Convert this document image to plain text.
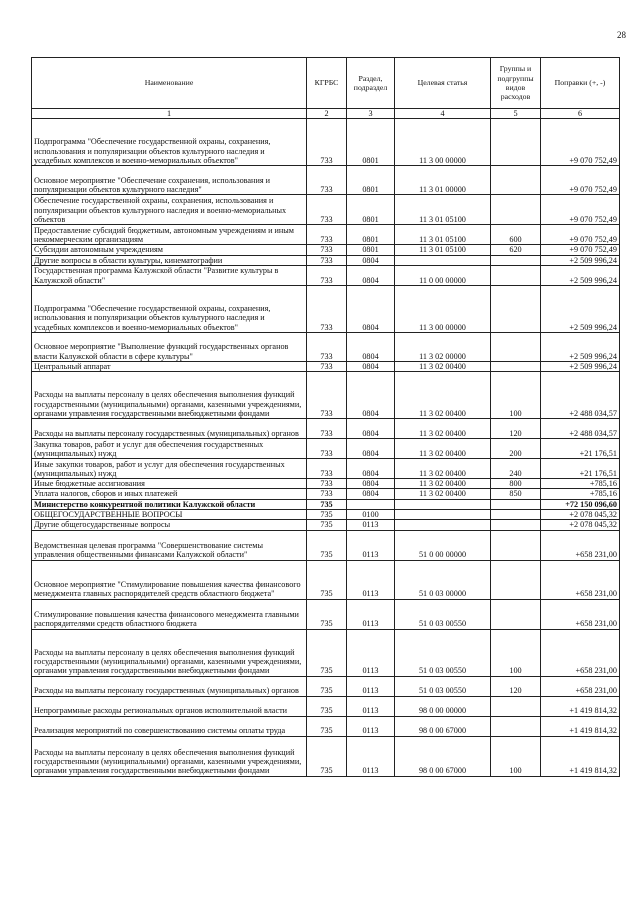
28
Наименование	КГРБС	Раздел, подраздел	Целевая статья	Группы и подгруппы видов расходов	Поправки (+, -)
1	2	3	4	5	6
Подпрограмма "Обеспечение государственной охраны, сохранения, использования и популяризации объектов культурного наследия и усадебных комплексов и военно-мемориальных объектов"	733	0801	11 3 00 00000		+9 070 752,49
Основное мероприятие "Обеспечение сохранения, использования и популяризации объектов культурного наследия"	733	0801	11 3 01 00000		+9 070 752,49
Обеспечение государственной охраны, сохранения, использования и популяризации объектов культурного наследия и военно-мемориальных объектов	733	0801	11 3 01 05100		+9 070 752,49
Предоставление субсидий бюджетным, автономным учреждениям и иным некоммерческим организациям	733	0801	11 3 01 05100	600	+9 070 752,49
Субсидии автономным учреждениям	733	0801	11 3 01 05100	620	+9 070 752,49
Другие вопросы в области культуры, кинематографии	733	0804			+2 509 996,24
Государственная программа Калужской области "Развитие культуры в Калужской области"	733	0804	11 0 00 00000		+2 509 996,24
Подпрограмма "Обеспечение государственной охраны, сохранения, использования и популяризации объектов культурного наследия и усадебных комплексов и военно-мемориальных объектов"	733	0804	11 3 00 00000		+2 509 996,24
Основное мероприятие "Выполнение функций государственных органов власти Калужской области в сфере культуры"	733	0804	11 3 02 00000		+2 509 996,24
Центральный аппарат	733	0804	11 3 02 00400		+2 509 996,24
Расходы на выплаты персоналу в целях обеспечения выполнения функций государственными (муниципальными) органами, казенными учреждениями, органами управления государственными внебюджетными фондами	733	0804	11 3 02 00400	100	+2 488 034,57
Расходы на выплаты персоналу государственных (муниципальных) органов	733	0804	11 3 02 00400	120	+2 488 034,57
Закупка товаров, работ и услуг для обеспечения государственных (муниципальных) нужд	733	0804	11 3 02 00400	200	+21 176,51
Иные закупки товаров, работ и услуг для обеспечения государственных (муниципальных) нужд	733	0804	11 3 02 00400	240	+21 176,51
Иные бюджетные ассигнования	733	0804	11 3 02 00400	800	+785,16
Уплата налогов, сборов и иных платежей	733	0804	11 3 02 00400	850	+785,16
Министерство конкурентной политики Калужской области	735				+72 150 096,60
ОБЩЕГОСУДАРСТВЕННЫЕ ВОПРОСЫ	735	0100			+2 078 045,32
Другие общегосударственные вопросы	735	0113			+2 078 045,32
Ведомственная целевая программа "Совершенствование системы управления общественными финансами Калужской области"	735	0113	51 0 00 00000		+658 231,00
Основное мероприятие "Стимулирование повышения качества финансового менеджмента главных распорядителей средств областного бюджета"	735	0113	51 0 03 00000		+658 231,00
Стимулирование повышения качества финансового менеджмента главными распорядителями средств областного бюджета	735	0113	51 0 03 00550		+658 231,00
Расходы на выплаты персоналу в целях обеспечения выполнения функций государственными (муниципальными) органами, казенными учреждениями, органами управления государственными внебюджетными фондами	735	0113	51 0 03 00550	100	+658 231,00
Расходы на выплаты персоналу государственных (муниципальных) органов	735	0113	51 0 03 00550	120	+658 231,00
Непрограммные расходы региональных органов исполнительной власти	735	0113	98 0 00 00000		+1 419 814,32
Реализация мероприятий по совершенствованию системы оплаты труда	735	0113	98 0 00 67000		+1 419 814,32
Расходы на выплаты персоналу в целях обеспечения выполнения функций государственными (муниципальными) органами, казенными учреждениями, органами управления государственными внебюджетными фондами	735	0113	98 0 00 67000	100	+1 419 814,32
